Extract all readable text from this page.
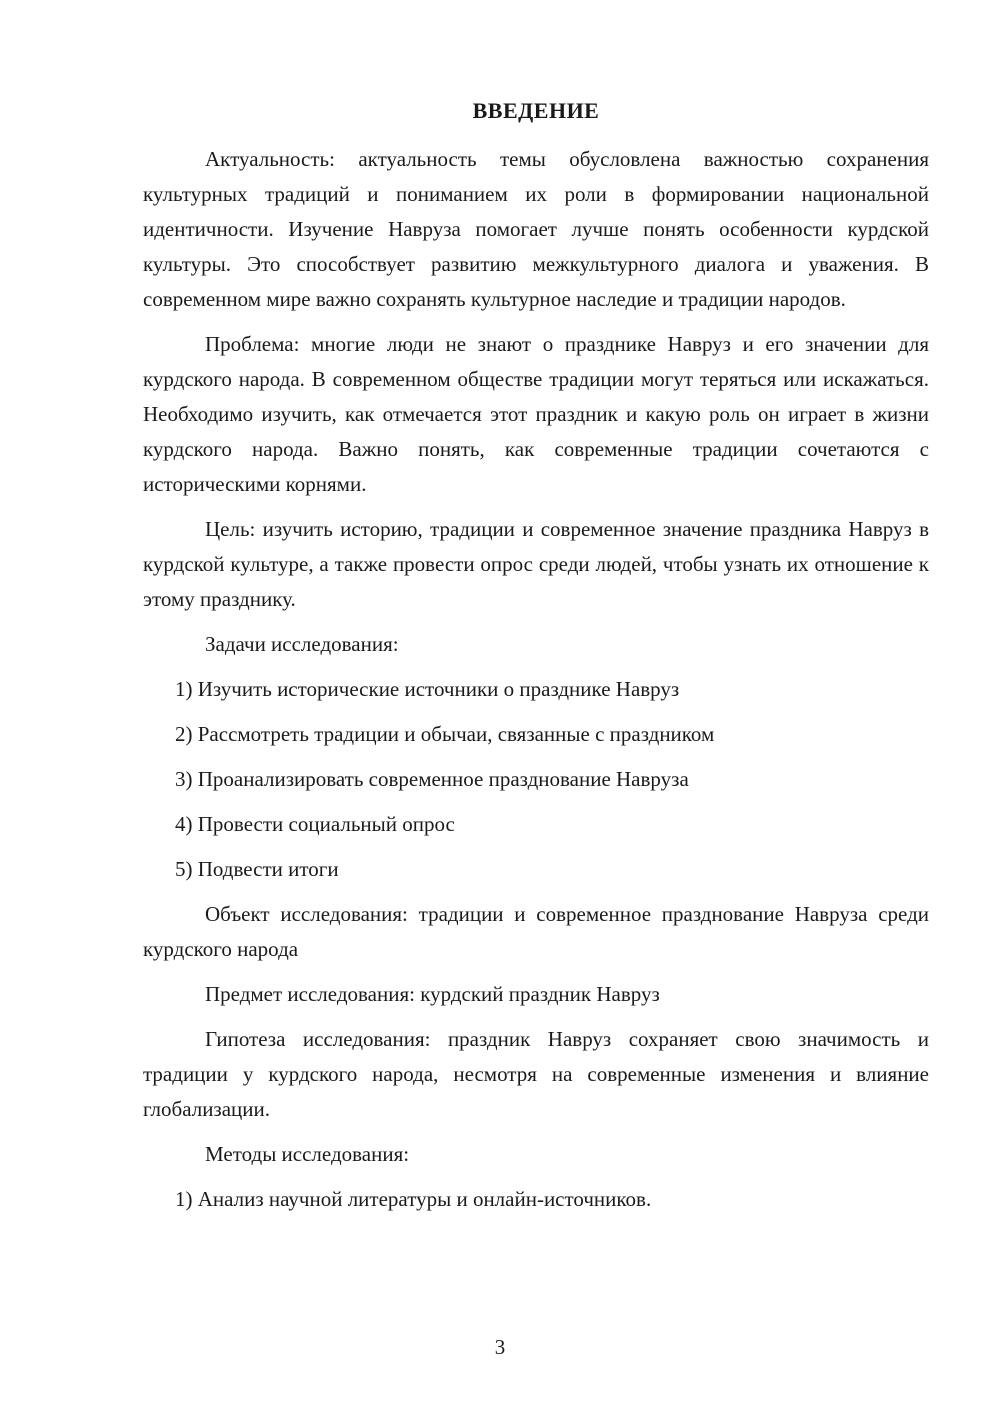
ВВЕДЕНИЕ

Актуальность: актуальность темы обусловлена важностью сохранения культурных традиций и пониманием их роли в формировании национальной идентичности. Изучение Навруза помогает лучше понять особенности курдской культуры. Это способствует развитию межкультурного диалога и уважения. В современном мире важно сохранять культурное наследие и традиции народов.

Проблема: многие люди не знают о празднике Навруз и его значении для курдского народа. В современном обществе традиции могут теряться или искажаться. Необходимо изучить, как отмечается этот праздник и какую роль он играет в жизни курдского народа. Важно понять, как современные традиции сочетаются с историческими корнями.

Цель: изучить историю, традиции и современное значение праздника Навруз в курдской культуре, а также провести опрос среди людей, чтобы узнать их отношение к этому празднику.

Задачи исследования:

1) Изучить исторические источники о празднике Навруз

2) Рассмотреть традиции и обычаи, связанные с праздником

3) Проанализировать современное празднование Навруза

4) Провести социальный опрос

5) Подвести итоги

Объект исследования: традиции и современное празднование Навруза среди курдского народа

Предмет исследования: курдский праздник Навруз

Гипотеза исследования: праздник Навруз сохраняет свою значимость и традиции у курдского народа, несмотря на современные изменения и влияние глобализации.

Методы исследования:

1) Анализ научной литературы и онлайн-источников.

3
